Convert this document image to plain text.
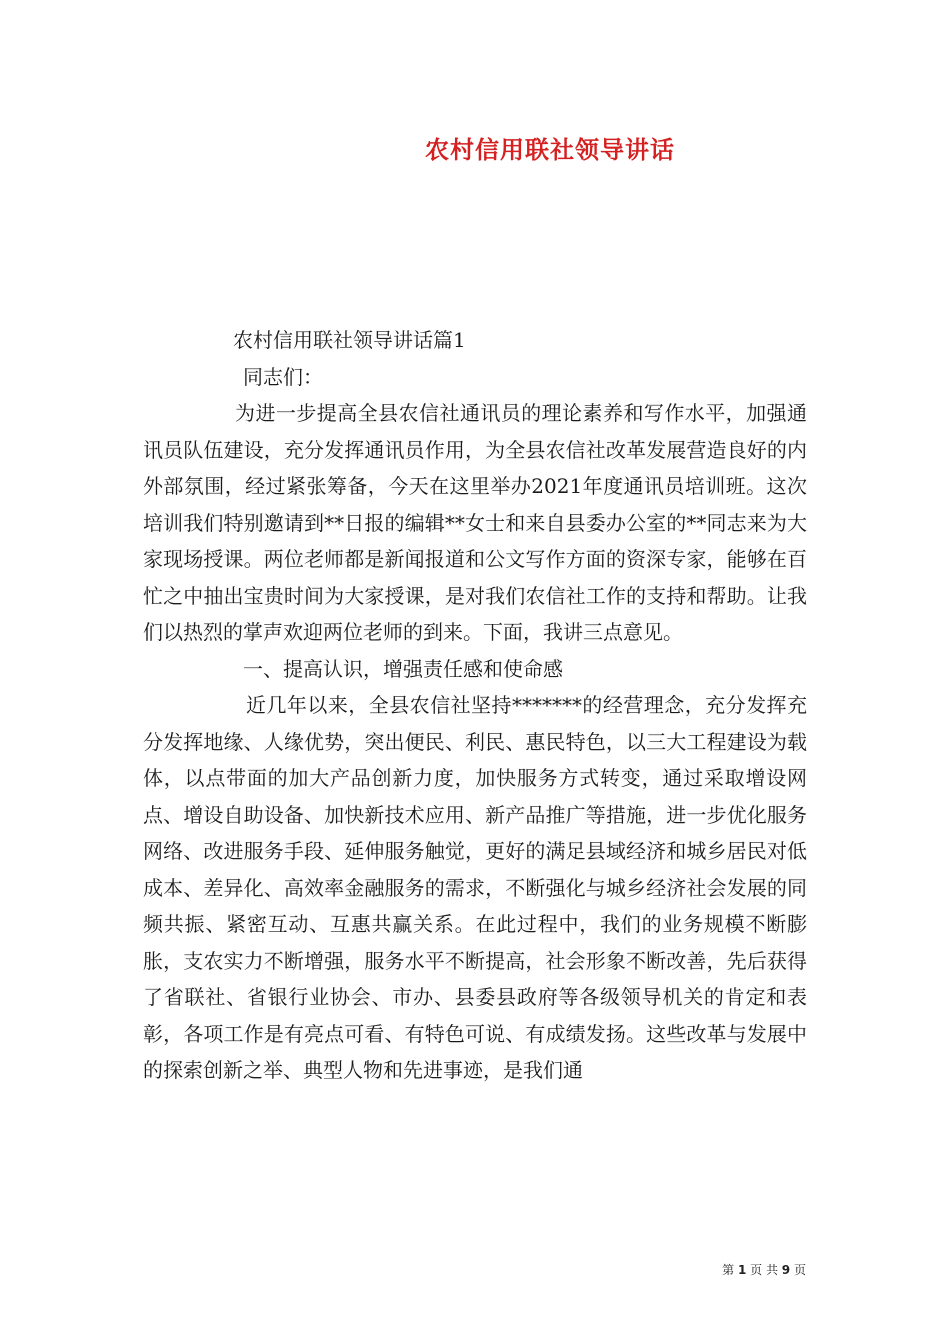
农村信用联社领导讲话

农村信用联社领导讲话篇1

同志们：

为进一步提高全县农信社通讯员的理论素养和写作水平，加强通讯员队伍建设，充分发挥通讯员作用，为全县农信社改革发展营造良好的内外部氛围，经过紧张筹备，今天在这里举办2021年度通讯员培训班。这次培训我们特别邀请到**日报的编辑**女士和来自县委办公室的**同志来为大家现场授课。两位老师都是新闻报道和公文写作方面的资深专家，能够在百忙之中抽出宝贵时间为大家授课，是对我们农信社工作的支持和帮助。让我们以热烈的掌声欢迎两位老师的到来。下面，我讲三点意见。

一、提高认识，增强责任感和使命感

近几年以来，全县农信社坚持*******的经营理念，充分发挥充分发挥地缘、人缘优势，突出便民、利民、惠民特色，以三大工程建设为载体，以点带面的加大产品创新力度，加快服务方式转变，通过采取增设网点、增设自助设备、加快新技术应用、新产品推广等措施，进一步优化服务网络、改进服务手段、延伸服务触觉，更好的满足县域经济和城乡居民对低成本、差异化、高效率金融服务的需求，不断强化与城乡经济社会发展的同频共振、紧密互动、互惠共赢关系。在此过程中，我们的业务规模不断膨胀，支农实力不断增强，服务水平不断提高，社会形象不断改善，先后获得了省联社、省银行业协会、市办、县委县政府等各级领导机关的肯定和表彰，各项工作是有亮点可看、有特色可说、有成绩发扬。这些改革与发展中的探索创新之举、典型人物和先进事迹，是我们通

第 1 页 共 9 页
